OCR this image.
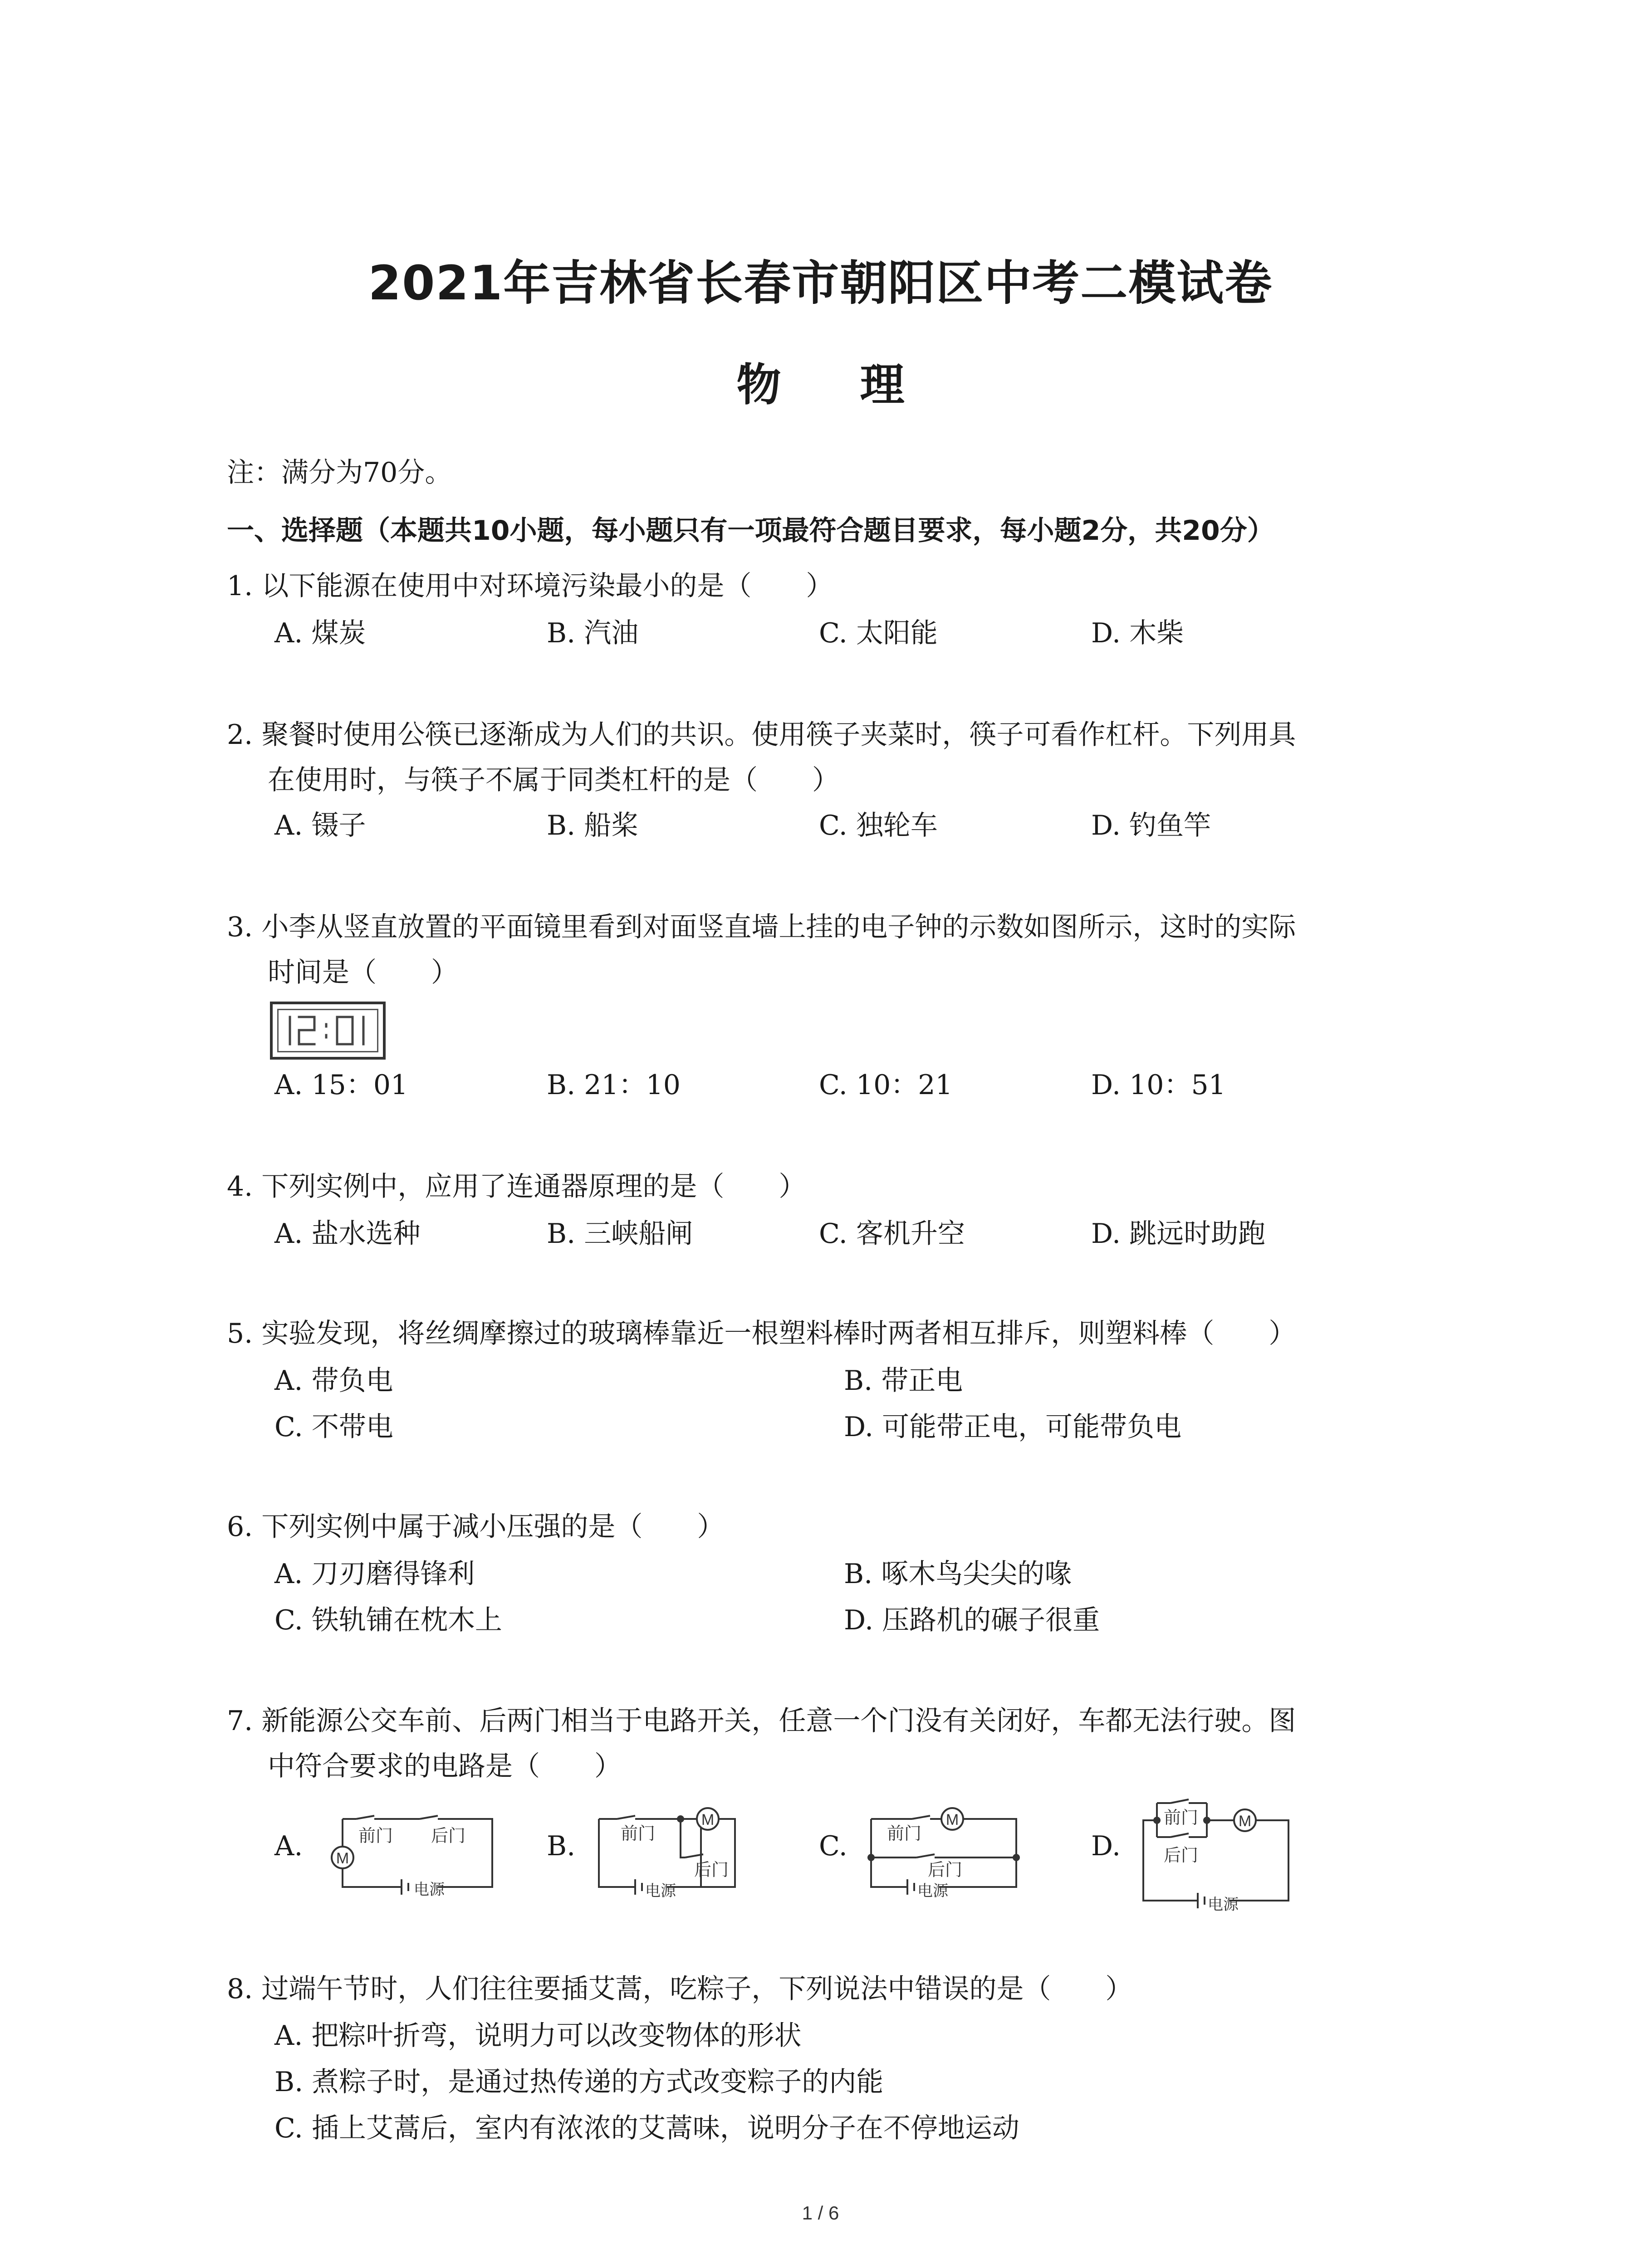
2021年吉林省长春市朝阳区中考二模试卷
物 理
注：满分为70分。
一、选择题（本题共10小题，每小题只有一项最符合题目要求，每小题2分，共20分）
1. 以下能源在使用中对环境污染最小的是（　　）
A. 煤炭	B. 汽油	C. 太阳能	D. 木柴
2. 聚餐时使用公筷已逐渐成为人们的共识。使用筷子夹菜时，筷子可看作杠杆。下列用具
在使用时，与筷子不属于同类杠杆的是（　　）
A. 镊子	B. 船桨	C. 独轮车	D. 钓鱼竿
3. 小李从竖直放置的平面镜里看到对面竖直墙上挂的电子钟的示数如图所示，这时的实际
时间是（　　）
A. 15：01	B. 21：10	C. 10：21	D. 10：51
4. 下列实例中，应用了连通器原理的是（　　）
A. 盐水选种	B. 三峡船闸	C. 客机升空	D. 跳远时助跑
5. 实验发现，将丝绸摩擦过的玻璃棒靠近一根塑料棒时两者相互排斥，则塑料棒（　　）
A. 带负电	B. 带正电
C. 不带电	D. 可能带正电，可能带负电
6. 下列实例中属于减小压强的是（　　）
A. 刀刃磨得锋利	B. 啄木鸟尖尖的喙
C. 铁轨铺在枕木上	D. 压路机的碾子很重
7. 新能源公交车前、后两门相当于电路开关，任意一个门没有关闭好，车都无法行驶。图
中符合要求的电路是（　　）
A.	B.	C.	D.
M
前门 后门
电源
M
前门
后门
电源
M
前门
后门
电源
M
前门
后门
电源
8. 过端午节时，人们往往要插艾蒿，吃粽子，下列说法中错误的是（　　）
A. 把粽叶折弯，说明力可以改变物体的形状
B. 煮粽子时，是通过热传递的方式改变粽子的内能
C. 插上艾蒿后，室内有浓浓的艾蒿味，说明分子在不停地运动
1 / 6
